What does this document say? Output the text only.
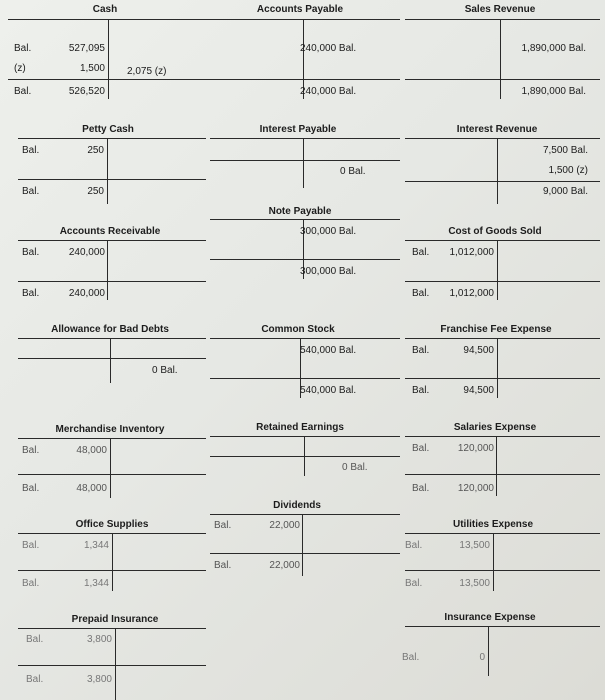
Cash
Bal.	527,095
(z)	1,500 2,075 (z)
Bal.	526,520
Accounts Payable
240,000 Bal.
240,000 Bal.
Sales Revenue
1,890,000 Bal.
1,890,000 Bal.
Petty Cash
Bal.	250
Bal.	250
Interest Payable
0 Bal.
Interest Revenue
7,500 Bal.
1,500 (z)
9,000 Bal.
Note Payable
300,000 Bal.
300,000 Bal.
Accounts Receivable
Bal.	240,000
Bal.	240,000
Cost of Goods Sold
Bal.	1,012,000
Bal.	1,012,000
Allowance for Bad Debts
0 Bal.
Common Stock
540,000 Bal.
540,000 Bal.
Franchise Fee Expense
Bal.	94,500
Bal.	94,500
Merchandise Inventory
Bal.	48,000
Bal.	48,000
Retained Earnings
0 Bal.
Salaries Expense
Bal.	120,000
Bal.	120,000
Dividends
Bal.	22,000
Bal.	22,000
Office Supplies
Bal.	1,344
Bal.	1,344
Utilities Expense
Bal.	13,500
Bal.	13,500
Prepaid Insurance
Bal.	3,800
Bal.	3,800
Insurance Expense
Bal.	0
